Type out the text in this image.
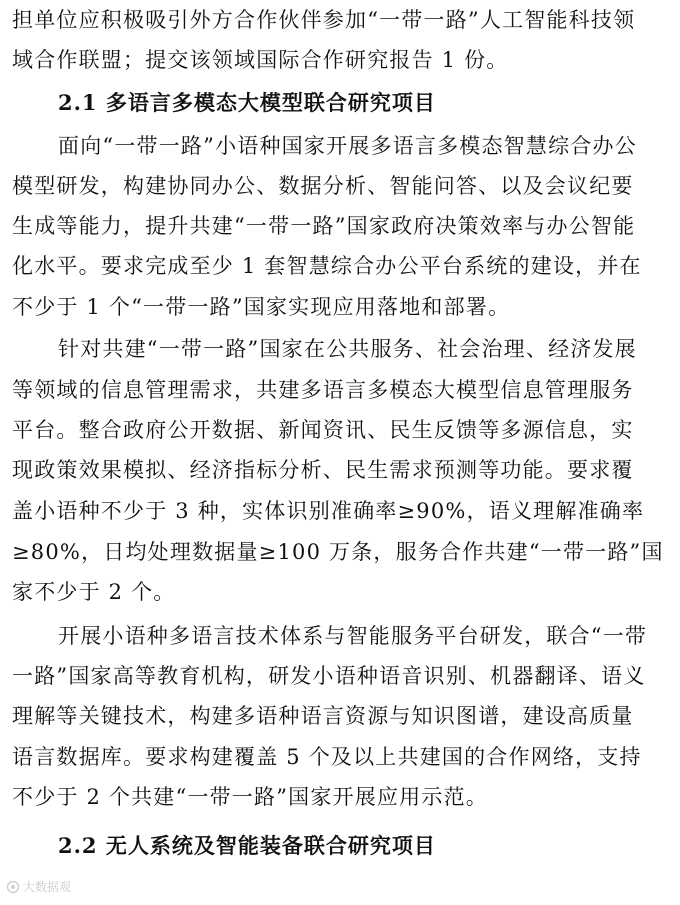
担单位应积极吸引外方合作伙伴参加“一带一路”人工智能科技领
域合作联盟；提交该领域国际合作研究报告 1 份。
2.1 多语言多模态大模型联合研究项目
面向“一带一路”小语种国家开展多语言多模态智慧综合办公
模型研发，构建协同办公、数据分析、智能问答、以及会议纪要
生成等能力，提升共建“一带一路”国家政府决策效率与办公智能
化水平。要求完成至少 1 套智慧综合办公平台系统的建设，并在
不少于 1 个“一带一路”国家实现应用落地和部署。
针对共建“一带一路”国家在公共服务、社会治理、经济发展
等领域的信息管理需求，共建多语言多模态大模型信息管理服务
平台。整合政府公开数据、新闻资讯、民生反馈等多源信息，实
现政策效果模拟、经济指标分析、民生需求预测等功能。要求覆
盖小语种不少于 3 种，实体识别准确率≥90%，语义理解准确率
≥80%，日均处理数据量≥100 万条，服务合作共建“一带一路”国
家不少于 2 个。
开展小语种多语言技术体系与智能服务平台研发，联合“一带
一路”国家高等教育机构，研发小语种语音识别、机器翻译、语义
理解等关键技术，构建多语种语言资源与知识图谱，建设高质量
语言数据库。要求构建覆盖 5 个及以上共建国的合作网络，支持
不少于 2 个共建“一带一路”国家开展应用示范。
2.2 无人系统及智能装备联合研究项目
大数据观
